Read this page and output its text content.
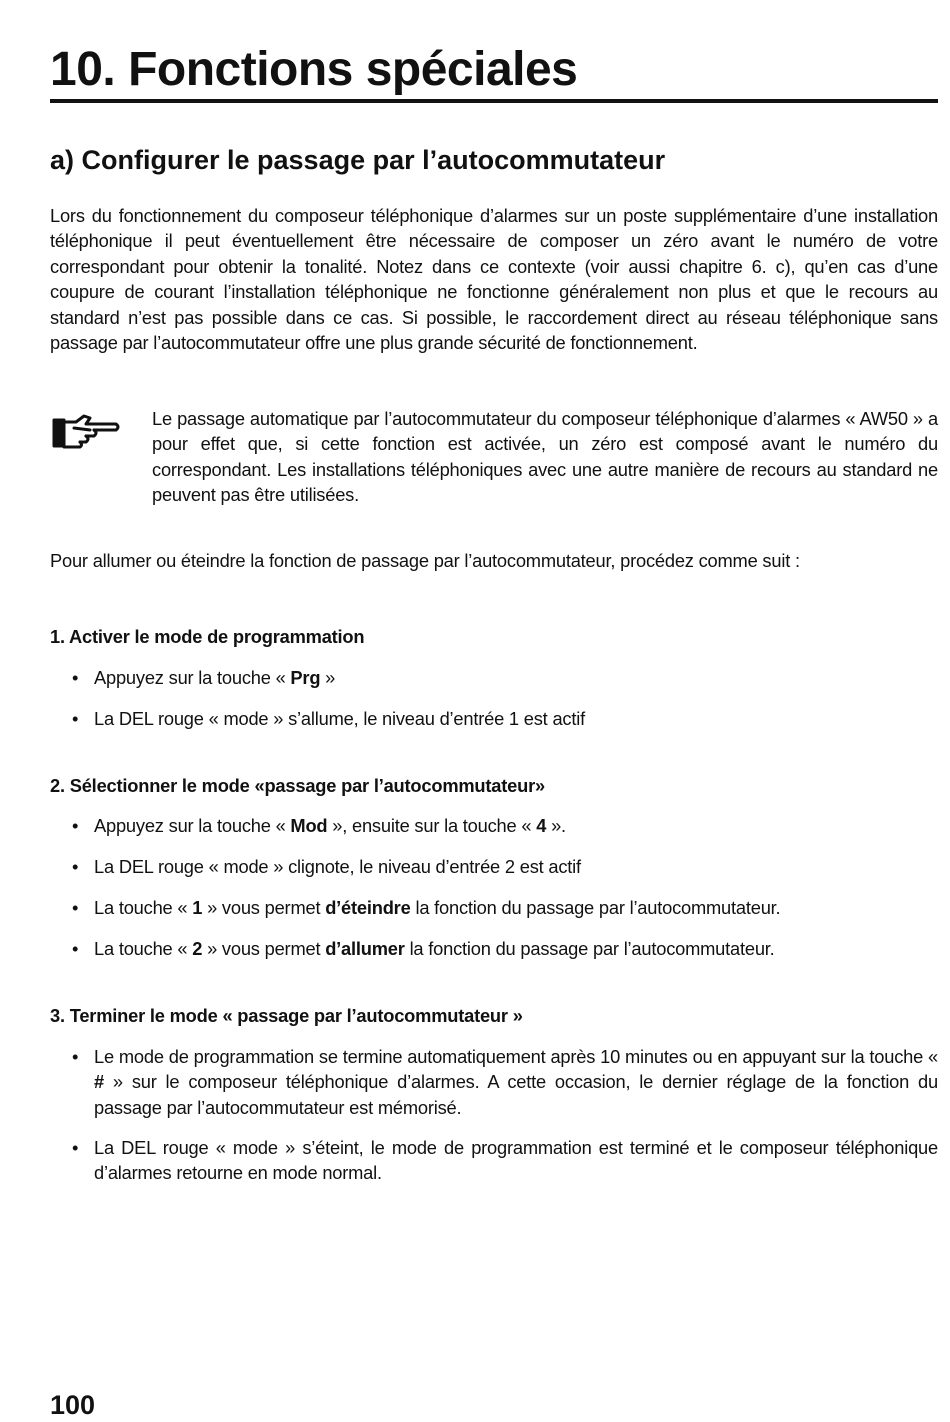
10. Fonctions spéciales
a) Configurer le passage par l’autocommutateur

Lors du fonctionnement du composeur téléphonique d’alarmes sur un poste supplémentaire d’une installation téléphonique il peut éventuellement être nécessaire de composer un zéro avant le numéro de votre correspondant pour obtenir la tonalité. Notez dans ce contexte (voir aussi chapitre 6. c), qu’en cas d’une coupure de courant l’installation téléphonique ne fonctionne généralement non plus et que le recours au standard n’est pas possible dans ce cas. Si possible, le raccordement direct au réseau téléphonique sans passage par l’autocommutateur offre une plus grande sécurité de fonctionnement.

Le passage automatique par l’autocommutateur du composeur téléphonique d’alarmes « AW50 » a pour effet que, si cette fonction est activée, un zéro est composé avant le numéro du correspondant. Les installations téléphoniques avec une autre manière de recours au standard ne peuvent pas être utilisées.

Pour allumer ou éteindre la fonction de passage par l’autocommutateur, procédez comme suit :

1. Activer le mode de programmation
• Appuyez sur la touche « Prg »
• La DEL rouge « mode » s’allume, le niveau d’entrée 1 est actif
2. Sélectionner le mode «passage par l’autocommutateur»
• Appuyez sur la touche « Mod », ensuite sur la touche « 4 ».
• La DEL rouge « mode » clignote, le niveau d’entrée 2 est actif
• La touche « 1 » vous permet d’éteindre la fonction du passage par l’autocommutateur.
• La touche « 2 » vous permet d’allumer la fonction du passage par l’autocommutateur.
3. Terminer le mode « passage par l’autocommutateur »
• Le mode de programmation se termine automatiquement après 10 minutes ou en appuyant sur la touche « # » sur le composeur téléphonique d’alarmes. A cette occasion, le dernier réglage de la fonction du passage par l’autocommutateur est mémorisé.
• La DEL rouge « mode » s’éteint, le mode de programmation est terminé et le composeur téléphonique d’alarmes retourne en mode normal.
100
